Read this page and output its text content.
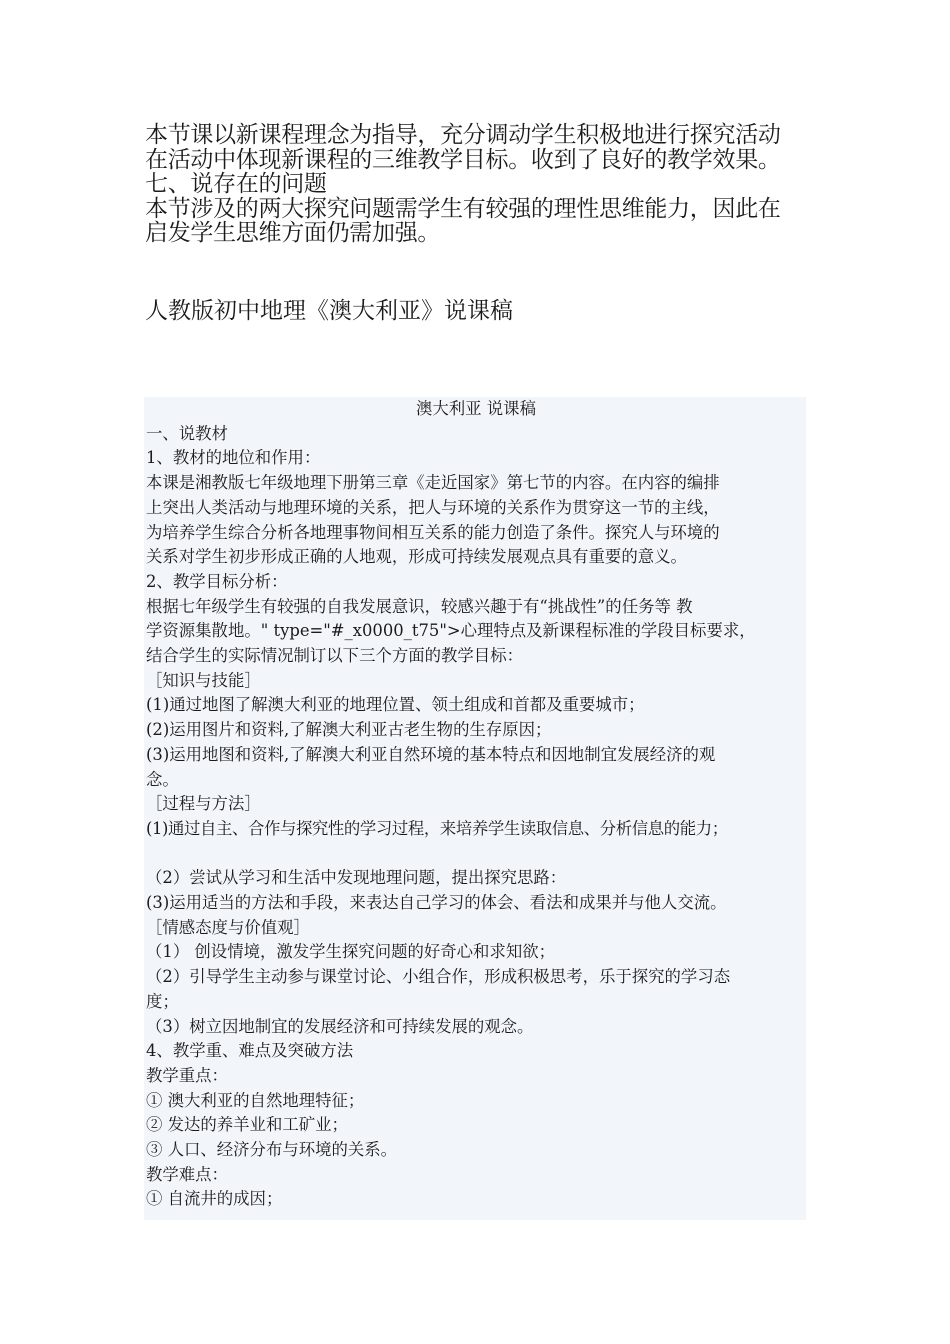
本节课以新课程理念为指导，充分调动学生积极地进行探究活动
在活动中体现新课程的三维教学目标。收到了良好的教学效果。
七、说存在的问题
本节涉及的两大探究问题需学生有较强的理性思维能力，因此在
启发学生思维方面仍需加强。
人教版初中地理《澳大利亚》说课稿
澳大利亚 说课稿
一、说教材
1、教材的地位和作用：
本课是湘教版七年级地理下册第三章《走近国家》第七节的内容。在内容的编排
上突出人类活动与地理环境的关系，把人与环境的关系作为贯穿这一节的主线，
为培养学生综合分析各地理事物间相互关系的能力创造了条件。探究人与环境的
关系对学生初步形成正确的人地观，形成可持续发展观点具有重要的意义。
2、教学目标分析：
根据七年级学生有较强的自我发展意识，较感兴趣于有“挑战性”的任务等 教
学资源集散地。" type="#_x0000_t75">心理特点及新课程标准的学段目标要求，
结合学生的实际情况制订以下三个方面的教学目标：
［知识与技能］
(1)通过地图了解澳大利亚的地理位置、领土组成和首都及重要城市；
(2)运用图片和资料,了解澳大利亚古老生物的生存原因；
(3)运用地图和资料,了解澳大利亚自然环境的基本特点和因地制宜发展经济的观
念。
［过程与方法］
(1)通过自主、合作与探究性的学习过程，来培养学生读取信息、分析信息的能力；
（2）尝试从学习和生活中发现地理问题，提出探究思路：
(3)运用适当的方法和手段，来表达自己学习的体会、看法和成果并与他人交流。
［情感态度与价值观］
（1） 创设情境，激发学生探究问题的好奇心和求知欲；
（2）引导学生主动参与课堂讨论、小组合作，形成积极思考，乐于探究的学习态
度；
（3）树立因地制宜的发展经济和可持续发展的观念。
4、教学重、难点及突破方法
教学重点：
① 澳大利亚的自然地理特征；
② 发达的养羊业和工矿业；
③ 人口、经济分布与环境的关系。
教学难点：
① 自流井的成因；
